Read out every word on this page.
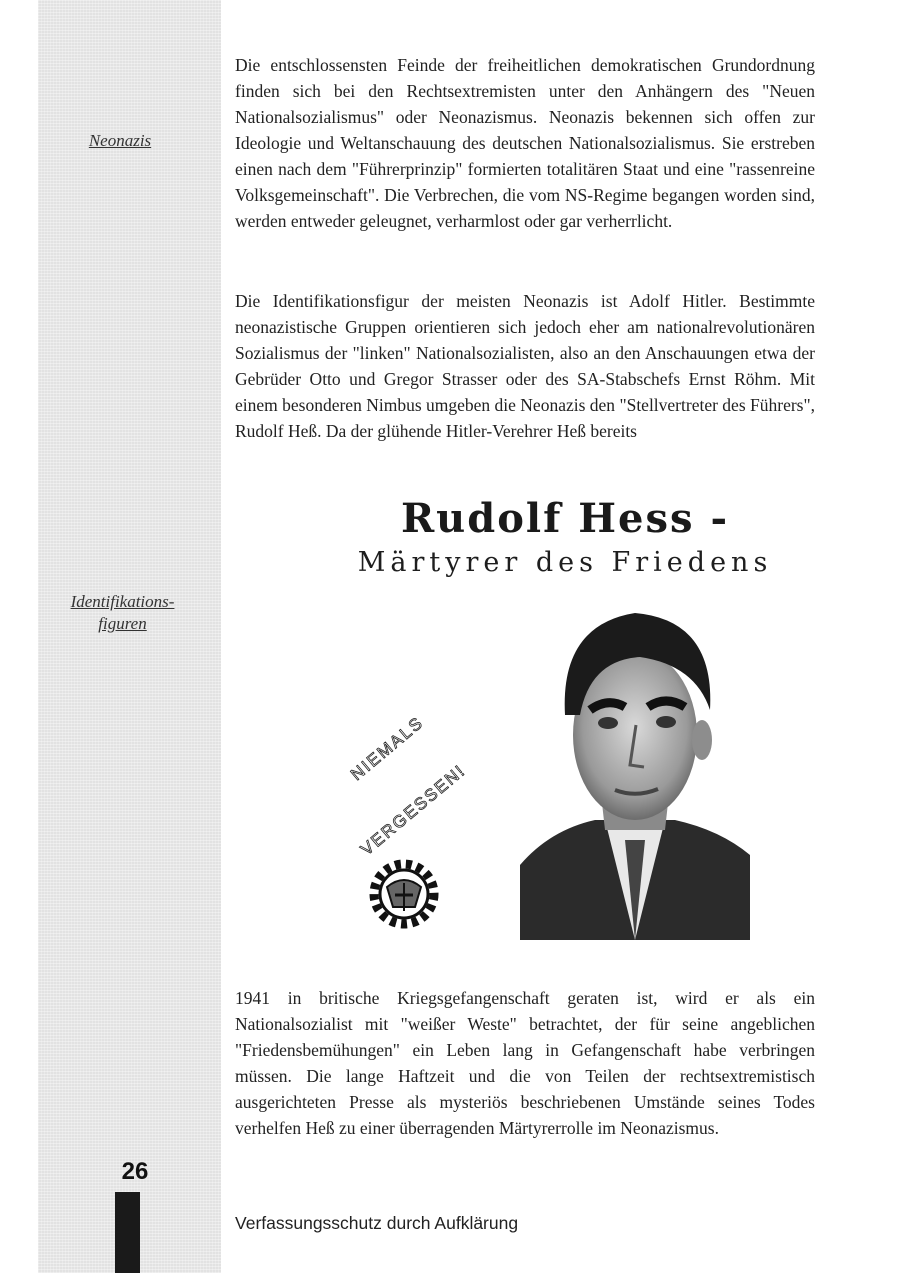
Neonazis
Identifikations-
figuren

Die entschlossensten Feinde der freiheitlichen demokratischen Grundordnung finden sich bei den Rechtsextremisten unter den Anhängern des "Neuen Nationalsozialismus" oder Neonazismus. Neonazis bekennen sich offen zur Ideologie und Weltanschauung des deutschen Nationalsozialismus. Sie erstreben einen nach dem "Führerprinzip" formierten totalitären Staat und eine "rassenreine Volksgemeinschaft". Die Verbrechen, die vom NS-Regime begangen worden sind, werden entweder geleugnet, verharmlost oder gar verherrlicht.

Die Identifikationsfigur der meisten Neonazis ist Adolf Hitler. Bestimmte neonazistische Gruppen orientieren sich jedoch eher am nationalrevolutionären Sozialismus der "linken" Nationalsozialisten, also an den Anschauungen etwa der Gebrüder Otto und Gregor Strasser oder des SA-Stabschefs Ernst Röhm. Mit einem besonderen Nimbus umgeben die Neonazis den "Stellvertreter des Führers", Rudolf Heß. Da der glühende Hitler-Verehrer Heß bereits

Rudolf Hess -
Märtyrer des Friedens
NIEMALS
VERGESSEN!

1941 in britische Kriegsgefangenschaft geraten ist, wird er als ein Nationalsozialist mit "weißer Weste" betrachtet, der für seine angeblichen "Friedensbemühungen" ein Leben lang in Gefangenschaft habe verbringen müssen. Die lange Haftzeit und die von Teilen der rechtsextremistisch ausgerichteten Presse als mysteriös beschriebenen Umstände seines Todes verhelfen Heß zu einer überragenden Märtyrerrolle im Neonazismus.

26
Verfassungsschutz durch Aufklärung
